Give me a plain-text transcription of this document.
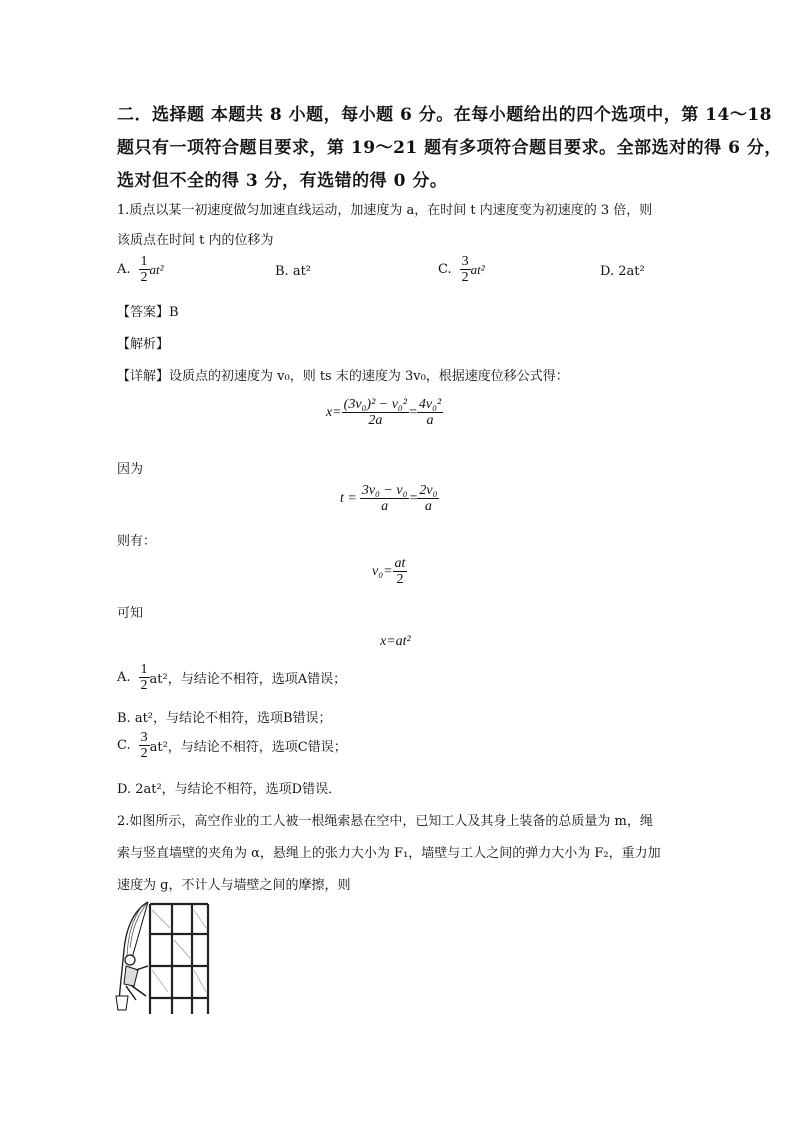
二．选择题 本题共 8 小题，每小题 6 分。在每小题给出的四个选项中，第 14～18
题只有一项符合题目要求，第 19～21 题有多项符合题目要求。全部选对的得 6 分，
选对但不全的得 3 分，有选错的得 0 分。
1.质点以某一初速度做匀加速直线运动，加速度为 a，在时间 t 内速度变为初速度的 3 倍，则
该质点在时间 t 内的位移为
A. $\frac{1}{2} at^2$	B. at²	C. $\frac{3}{2} at^2$	D. 2at²
【答案】B
【解析】
【详解】设质点的初速度为 v₀，则 ts 末的速度为 3v₀，根据速度位移公式得：
$x= \frac{\text{(3v₀)² − v₀²}}{2a} = \frac{\text{4v₀²}}{a}$
因为
$t = \frac{\text{3v₀ − v₀}}{a} = \frac{\text{2v₀}}{a}$
则有：
$v_0= \frac{at}{2}$
可知
x=at²
A. $\frac{1}{2} at^2$，与结论不相符，选项A错误；
B. at²，与结论不相符，选项B错误；
C. $\frac{3}{2} at^2$，与结论不相符，选项C错误；
D. 2at²，与结论不相符，选项D错误．
2.如图所示，高空作业的工人被一根绳索悬在空中，已知工人及其身上装备的总质量为 m，绳
索与竖直墙壁的夹角为 α，悬绳上的张力大小为 F₁，墙壁与工人之间的弹力大小为 F₂，重力加
速度为 g，不计人与墙壁之间的摩擦，则
